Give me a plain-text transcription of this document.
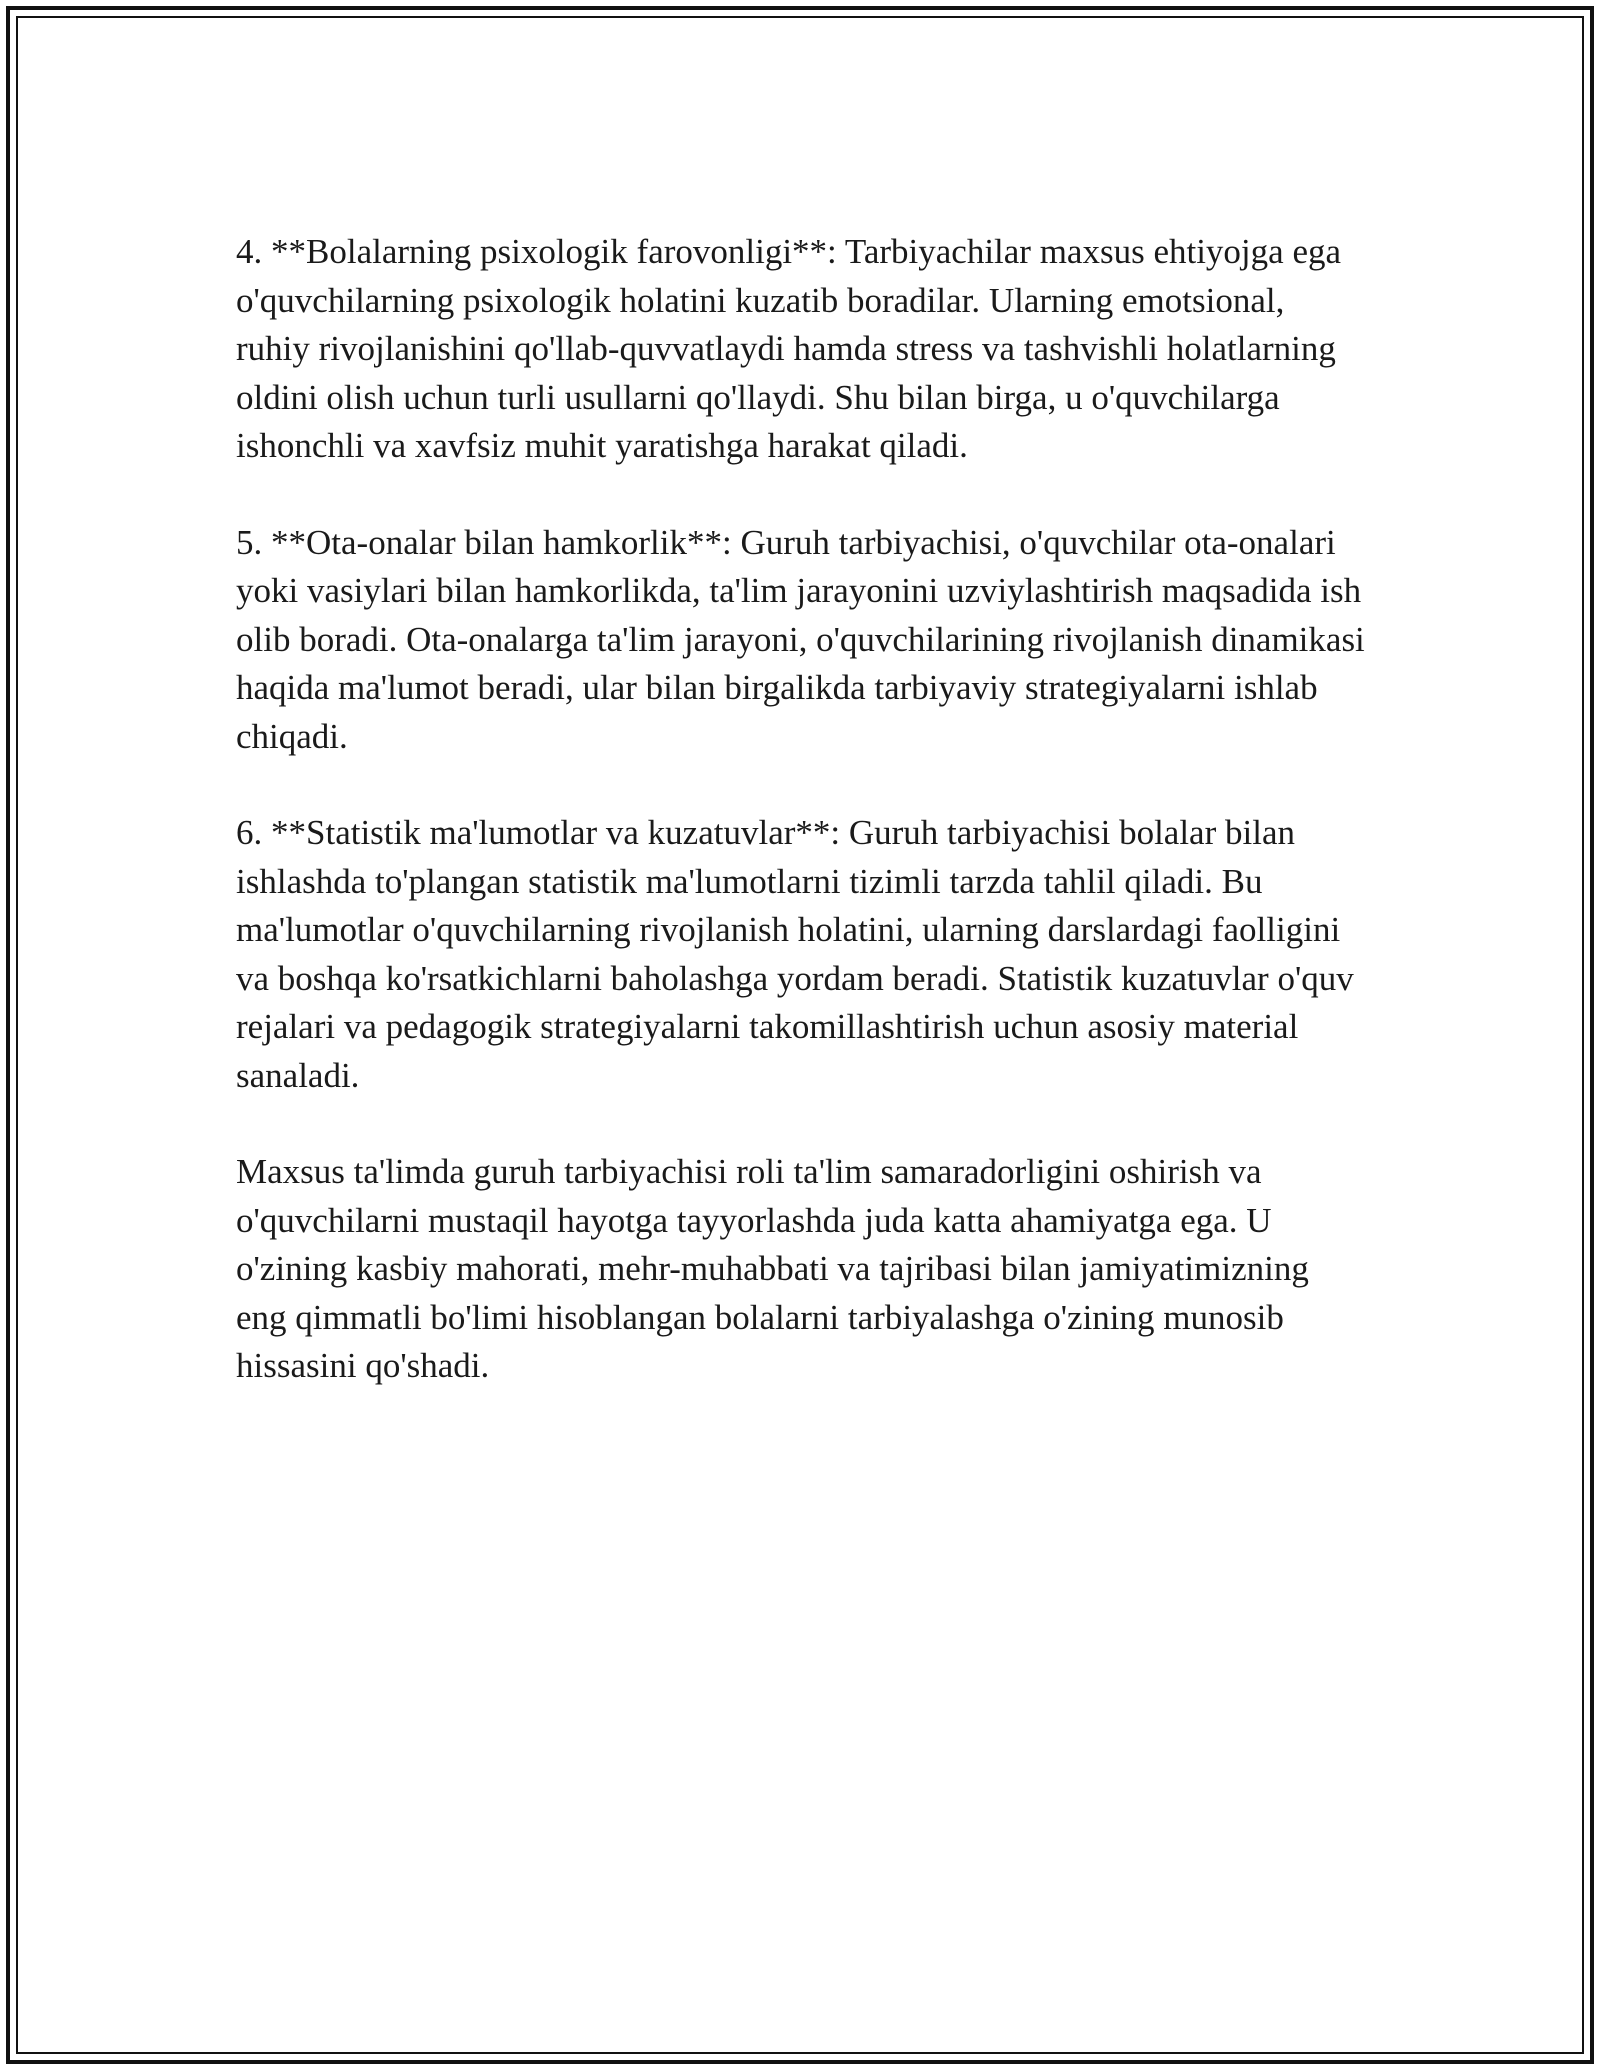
4. **Bolalarning psixologik farovonligi**: Tarbiyachilar maxsus ehtiyojga ega o'quvchilarning psixologik holatini kuzatib boradilar. Ularning emotsional, ruhiy rivojlanishini qo'llab-quvvatlaydi hamda stress va tashvishli holatlarning oldini olish uchun turli usullarni qo'llaydi. Shu bilan birga, u o'quvchilarga ishonchli va xavfsiz muhit yaratishga harakat qiladi.

5. **Ota-onalar bilan hamkorlik**: Guruh tarbiyachisi, o'quvchilar ota-onalari yoki vasiylari bilan hamkorlikda, ta'lim jarayonini uzviylashtirish maqsadida ish olib boradi. Ota-onalarga ta'lim jarayoni, o'quvchilarining rivojlanish dinamikasi haqida ma'lumot beradi, ular bilan birgalikda tarbiyaviy strategiyalarni ishlab chiqadi.

6. **Statistik ma'lumotlar va kuzatuvlar**: Guruh tarbiyachisi bolalar bilan ishlashda to'plangan statistik ma'lumotlarni tizimli tarzda tahlil qiladi. Bu ma'lumotlar o'quvchilarning rivojlanish holatini, ularning darslardagi faolligini va boshqa ko'rsatkichlarni baholashga yordam beradi. Statistik kuzatuvlar o'quv rejalari va pedagogik strategiyalarni takomillashtirish uchun asosiy material sanaladi.

Maxsus ta'limda guruh tarbiyachisi roli ta'lim samaradorligini oshirish va o'quvchilarni mustaqil hayotga tayyorlashda juda katta ahamiyatga ega. U o'zining kasbiy mahorati, mehr-muhabbati va tajribasi bilan jamiyatimizning eng qimmatli bo'limi hisoblangan bolalarni tarbiyalashga o'zining munosib hissasini qo'shadi.
